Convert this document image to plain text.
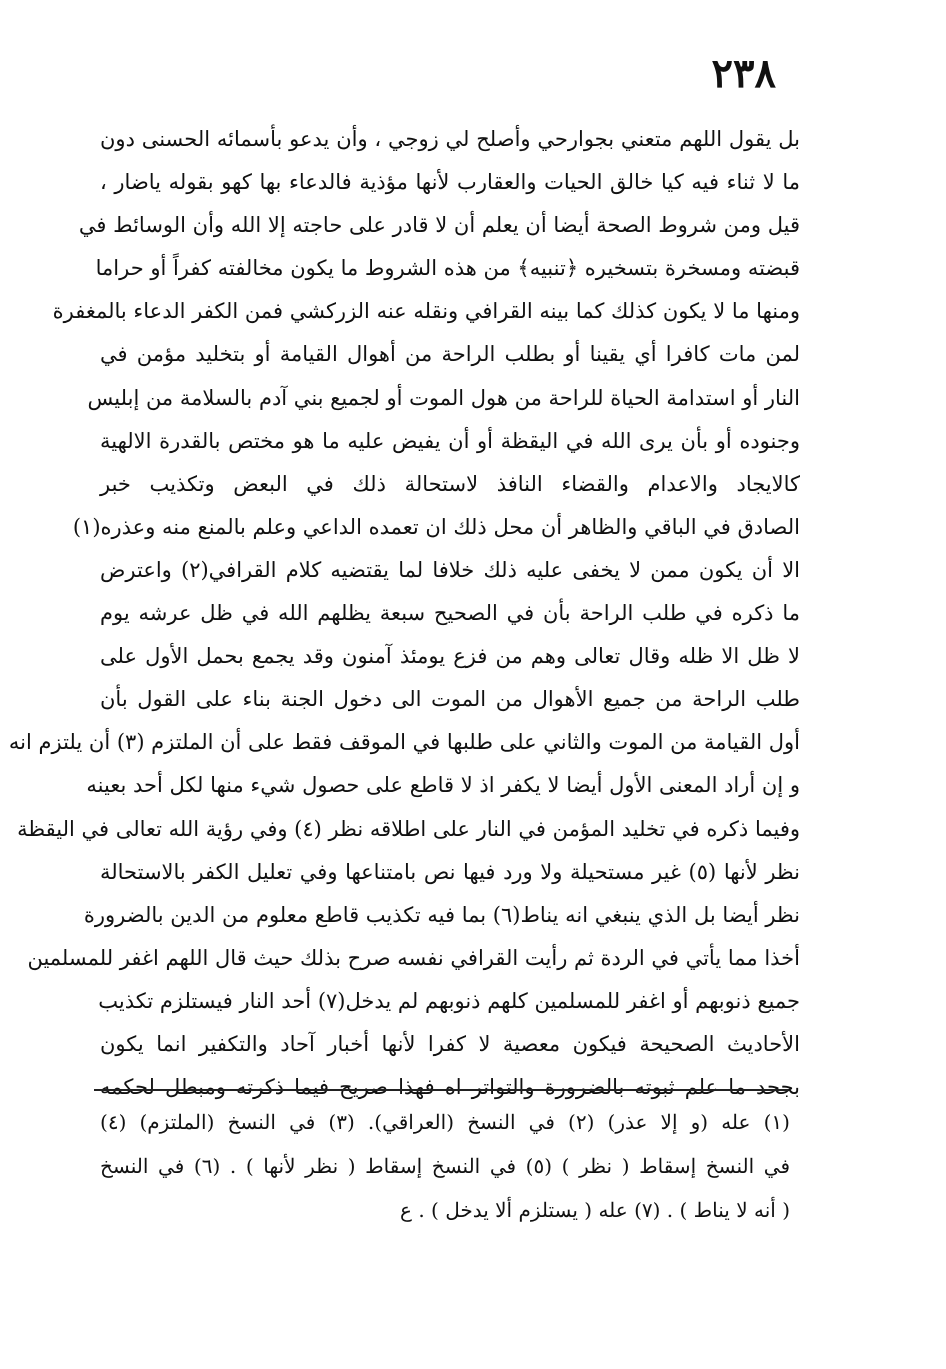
٢٣٨
بل يقول اللهم متعني بجوارحي وأصلح لي زوجي ، وأن يدعو بأسمائه الحسنى دون
ما لا ثناء فيه كيا خالق الحيات والعقارب لأنها مؤذية فالدعاء بها كهو بقوله ياضار ،
قيل ومن شروط الصحة أيضا أن يعلم أن لا قادر على حاجته إلا الله وأن الوسائط في
قبضته ومسخرة بتسخيره ﴿تنبيه﴾ من هذه الشروط ما يكون مخالفته كفراً أو حراما
ومنها ما لا يكون كذلك كما بينه القرافي ونقله عنه الزركشي فمن الكفر الدعاء بالمغفرة
لمن مات كافرا أي يقينا أو بطلب الراحة من أهوال القيامة أو بتخليد مؤمن في
النار أو استدامة الحياة للراحة من هول الموت أو لجميع بني آدم بالسلامة من إبليس
وجنوده أو بأن يرى الله في اليقظة أو أن يفيض عليه ما هو مختص بالقدرة الالهية
كالايجاد والاعدام والقضاء النافذ لاستحالة ذلك في البعض وتكذيب خبر
الصادق في الباقي والظاهر أن محل ذلك ان تعمده الداعي وعلم بالمنع منه وعذره(١)
الا أن يكون ممن لا يخفى عليه ذلك خلافا لما يقتضيه كلام القرافي(٢) واعترض
ما ذكره في طلب الراحة بأن في الصحيح سبعة يظلهم الله في ظل عرشه يوم
لا ظل الا ظله وقال تعالى وهم من فزع يومئذ آمنون وقد يجمع بحمل الأول على
طلب الراحة من جميع الأهوال من الموت الى دخول الجنة بناء على القول بأن
أول القيامة من الموت والثاني على طلبها في الموقف فقط على أن الملتزم (٣) أن يلتزم انه
و إن أراد المعنى الأول أيضا لا يكفر اذ لا قاطع على حصول شيء منها لكل أحد بعينه
وفيما ذكره في تخليد المؤمن في النار على اطلاقه نظر (٤) وفي رؤية الله تعالى في اليقظة
نظر لأنها (٥) غير مستحيلة ولا ورد فيها نص بامتناعها وفي تعليل الكفر بالاستحالة
نظر أيضا بل الذي ينبغي انه يناط(٦) بما فيه تكذيب قاطع معلوم من الدين بالضرورة
أخذا مما يأتي في الردة ثم رأيت القرافي نفسه صرح بذلك حيث قال اللهم اغفر للمسلمين
جميع ذنوبهم أو اغفر للمسلمين كلهم ذنوبهم لم يدخل(٧) أحد النار فيستلزم تكذيب
الأحاديث الصحيحة فيكون معصية لا كفرا لأنها أخبار آحاد والتكفير انما يكون
بجحد ما علم ثبوته بالضرورة والتواتر اه فهذا صريح فيما ذكرته ومبطل لحكمه
(١) عله (و إلا عذر) (٢) في النسخ (العراقي). (٣) في النسخ (الملتزم) (٤)
في النسخ إسقاط ( نظر ) (٥) في النسخ إسقاط ( نظر لأنها ) . (٦) في النسخ
( أنه لا يناط ) . (٧) عله ( يستلزم ألا يدخل ) . ع
